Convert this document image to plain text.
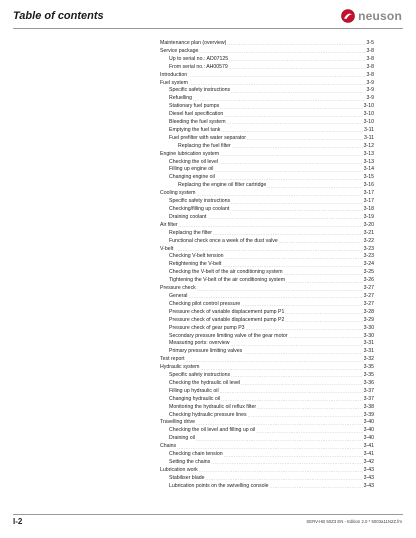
Table of contents	neuson
Maintenance plan (overview) .....	3-5
Service package .....	3-8
Up to serial no.: AD07125 .....	3-8
From serial no.: AH00579 .....	3-8
Introduction .....	3-8
Fuel system .....	3-9
Specific safety instructions .....	3-9
Refuelling .....	3-9
Stationary fuel pumps .....	3-10
Diesel fuel specification .....	3-10
Bleeding the fuel system .....	3-10
Emptying the fuel tank .....	3-11
Fuel prefilter with water separator .....	3-11
Replacing the fuel filter .....	3-12
Engine lubrication system .....	3-13
Checking the oil level .....	3-13
Filling up engine oil .....	3-14
Changing engine oil .....	3-15
Replacing the engine oil filter cartridge .....	3-16
Cooling system .....	3-17
Specific safety instructions .....	3-17
Checking/filling up coolant .....	3-18
Draining coolant .....	3-19
Air filter .....	3-20
Replacing the filter .....	3-21
Functional check once a week of the dust valve .....	3-22
V-belt .....	3-23
Checking V-belt tension .....	3-23
Retightening the V-belt .....	3-24
Checking the V-belt of the air conditioning system .....	3-25
Tightening the V-belt of the air conditioning system .....	3-26
Pressure check .....	3-27
General .....	3-27
Checking pilot control pressure .....	3-27
Pressure check of variable displacement pump P1 .....	3-28
Pressure check of variable displacement pump P2 .....	3-29
Pressure check of gear pump P3 .....	3-30
Secondary pressure limiting valve of the gear motor .....	3-30
Measuring ports: overview .....	3-31
Primary pressure limiting valves .....	3-31
Test report .....	3-32
Hydraulic system .....	3-35
Specific safety instructions .....	3-35
Checking the hydraulic oil level .....	3-36
Filling up hydraulic oil .....	3-37
Changing hydraulic oil .....	3-37
Monitoring the hydraulic oil reflux filter .....	3-38
Checking hydraulic pressure lines .....	3-39
Travelling drive .....	3-40
Checking the oil level and filling up oil .....	3-40
Draining oil .....	3-40
Chains .....	3-41
Checking chain tension .....	3-41
Setting the chains .....	3-42
Lubrication work .....	3-43
Stabiliser blade .....	3-43
Lubrication points on the swivelling console .....	3-43
I-2	SERV-HB 50Z3 EN - Edition 2.0 * 5003a11N2Z.fm
